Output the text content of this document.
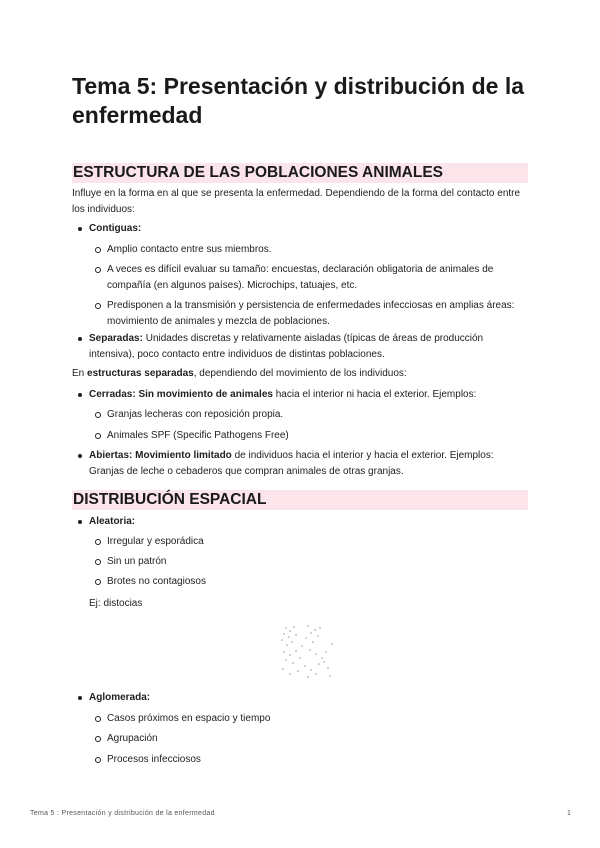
Tema 5: Presentación y distribución de la enfermedad
ESTRUCTURA DE LAS POBLACIONES ANIMALES

Influye en la forma en al que se presenta la enfermedad. Dependiendo de la forma del contacto entre los individuos:

Contiguas:
Amplio contacto entre sus miembros.
A veces es difícil evaluar su tamaño: encuestas, declaración obligatoria de animales de compañía (en algunos países). Microchips, tatuajes, etc.
Predisponen a la transmisión y persistencia de enfermedades infecciosas en amplias áreas: movimiento de animales y mezcla de poblaciones.
Separadas: Unidades discretas y relativamente aisladas (típicas de áreas de producción intensiva), poco contacto entre individuos de distintas poblaciones.

En estructuras separadas, dependiendo del movimiento de los individuos:

Cerradas: Sin movimiento de animales hacia el interior ni hacia el exterior. Ejemplos:
Granjas lecheras con reposición propia.
Animales SPF (Specific Pathogens Free)
Abiertas: Movimiento limitado de individuos hacia el interior y hacia el exterior. Ejemplos: Granjas de leche o cebaderos que compran animales de otras granjas.
DISTRIBUCIÓN ESPACIAL
Aleatoria:
Irregular y esporádica
Sin un patrón
Brotes no contagiosos

Ej: distocias

Aglomerada:
Casos próximos en espacio y tiempo
Agrupación
Procesos infecciosos
Tema 5 : Presentación y distribución de la enfermedad	1
